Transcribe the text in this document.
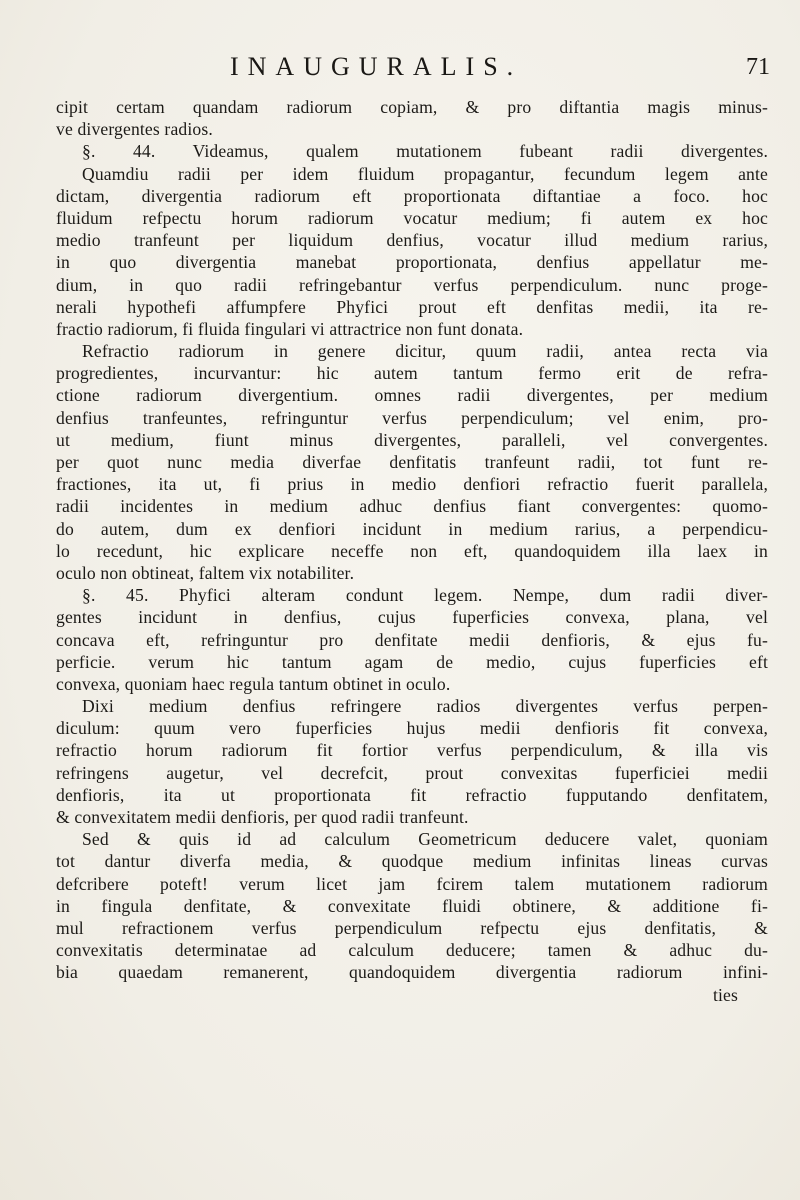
INAUGURALIS.	71
cipit certam quandam radiorum copiam, & pro diftantia magis minus-
ve divergentes radios.
§. 44. Videamus, qualem mutationem fubeant radii divergentes.
Quamdiu radii per idem fluidum propagantur, fecundum legem ante
dictam, divergentia radiorum eft proportionata diftantiae a foco. hoc
fluidum refpectu horum radiorum vocatur medium; fi autem ex hoc
medio tranfeunt per liquidum denfius, vocatur illud medium rarius,
in quo divergentia manebat proportionata, denfius appellatur me-
dium, in quo radii refringebantur verfus perpendiculum. nunc proge-
nerali hypothefi affumpfere Phyfici prout eft denfitas medii, ita re-
fractio radiorum, fi fluida fingulari vi attractrice non funt donata.
Refractio radiorum in genere dicitur, quum radii, antea recta via
progredientes, incurvantur: hic autem tantum fermo erit de refra-
ctione radiorum divergentium. omnes radii divergentes, per medium
denfius tranfeuntes, refringuntur verfus perpendiculum; vel enim, pro-
ut medium, fiunt minus divergentes, paralleli, vel convergentes.
per quot nunc media diverfae denfitatis tranfeunt radii, tot funt re-
fractiones, ita ut, fi prius in medio denfiori refractio fuerit parallela,
radii incidentes in medium adhuc denfius fiant convergentes: quomo-
do autem, dum ex denfiori incidunt in medium rarius, a perpendicu-
lo recedunt, hic explicare neceffe non eft, quandoquidem illa laex in
oculo non obtineat, faltem vix notabiliter.
§. 45. Phyfici alteram condunt legem. Nempe, dum radii diver-
gentes incidunt in denfius, cujus fuperficies convexa, plana, vel
concava eft, refringuntur pro denfitate medii denfioris, & ejus fu-
perficie. verum hic tantum agam de medio, cujus fuperficies eft
convexa, quoniam haec regula tantum obtinet in oculo.
Dixi medium denfius refringere radios divergentes verfus perpen-
diculum: quum vero fuperficies hujus medii denfioris fit convexa,
refractio horum radiorum fit fortior verfus perpendiculum, & illa vis
refringens augetur, vel decrefcit, prout convexitas fuperficiei medii
denfioris, ita ut proportionata fit refractio fupputando denfitatem,
& convexitatem medii denfioris, per quod radii tranfeunt.
Sed & quis id ad calculum Geometricum deducere valet, quoniam
tot dantur diverfa media, & quodque medium infinitas lineas curvas
defcribere poteft! verum licet jam fcirem talem mutationem radiorum
in fingula denfitate, & convexitate fluidi obtinere, & additione fi-
mul refractionem verfus perpendiculum refpectu ejus denfitatis, &
convexitatis determinatae ad calculum deducere; tamen & adhuc du-
bia quaedam remanerent, quandoquidem divergentia radiorum infini-
ties
